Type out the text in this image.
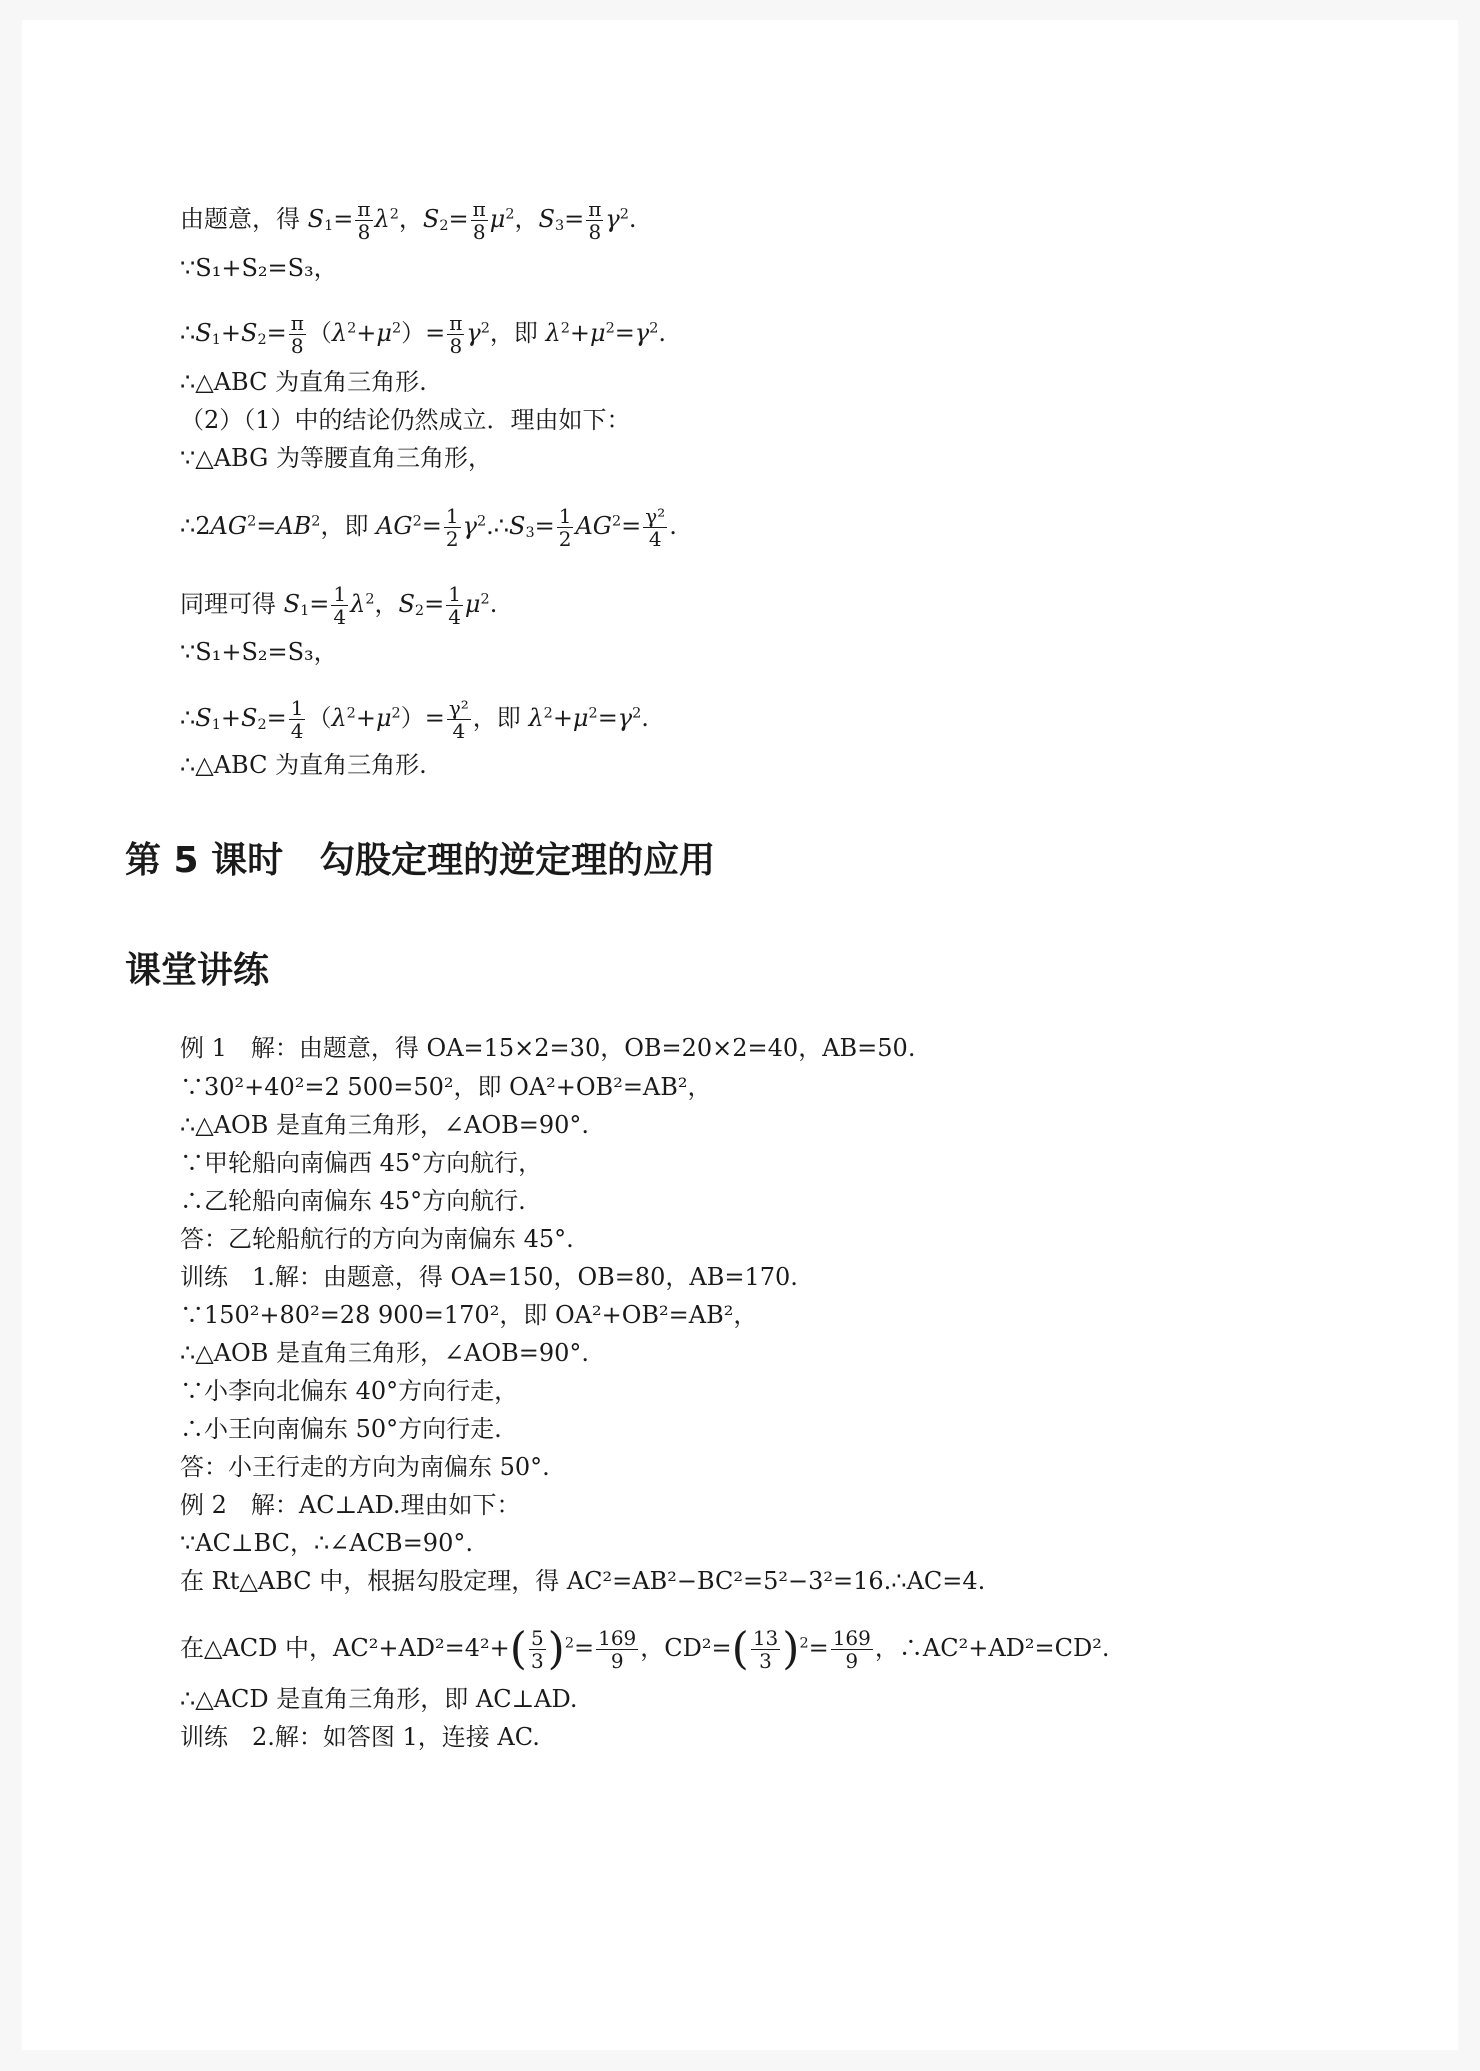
由题意，得 $S_1= \frac{\pi}{8} \lambda^2$，$S_2= \frac{\pi}{8} \mu^2$，$S_3= \frac{\pi}{8} \gamma^2$.
∵S₁+S₂=S₃，
$\therefore S_1+S_2= \frac{\pi}{8} (\lambda^2+\mu^2)= \frac{\pi}{8} \gamma^2$，即 $\lambda^2+\mu^2=\gamma^2$.
∴△ABC 为直角三角形.
（2）（1）中的结论仍然成立．理由如下：
∵△ABG 为等腰直角三角形，
$\therefore 2AG^2=AB^2$，即 $AG^2= \frac{1}{2}$ $\gamma^2.\therefore S_3= \frac{1}{2} AG^2= \frac{\text{γ²}}{4}$ .
同理可得 $S_1= \frac{1}{4} \lambda^2$，$S_2= \frac{1}{4} \mu^2$.
∵S₁+S₂=S₃，
$\therefore S_1+S_2= \frac{1}{4} (\lambda^2+\mu^2)= \frac{\text{γ²}}{4}$ ，即 $\lambda^2+\mu^2=\gamma^2$.
∴△ABC 为直角三角形.
第 5 课时　勾股定理的逆定理的应用
课堂讲练
例 1　解：由题意，得 OA=15×2=30，OB=20×2=40，AB=50.
∵30²+40²=2 500=50²，即 OA²+OB²=AB²，
∴△AOB 是直角三角形，∠AOB=90°.
∵甲轮船向南偏西 45°方向航行，
∴乙轮船向南偏东 45°方向航行.
答：乙轮船航行的方向为南偏东 45°.
训练　1.解：由题意，得 OA=150，OB=80，AB=170.
∵150²+80²=28 900=170²，即 OA²+OB²=AB²，
∴△AOB 是直角三角形，∠AOB=90°.
∵小李向北偏东 40°方向行走，
∴小王向南偏东 50°方向行走.
答：小王行走的方向为南偏东 50°.
例 2　解：AC⊥AD.理由如下：
∵AC⊥BC，∴∠ACB=90°.
在 Rt△ABC 中，根据勾股定理，得 AC²=AB²−BC²=5²−3²=16.∴AC=4.
在△ACD 中，$AC^2+AD^2=4^2+( \frac{5}{3} )^2= \frac{169}{9}$ ，$CD^2=( \frac{13}{3} )^2= \frac{169}{9}$ ，∴AC²+AD²=CD².
∴△ACD 是直角三角形，即 AC⊥AD.
训练　2.解：如答图 1，连接 AC.
